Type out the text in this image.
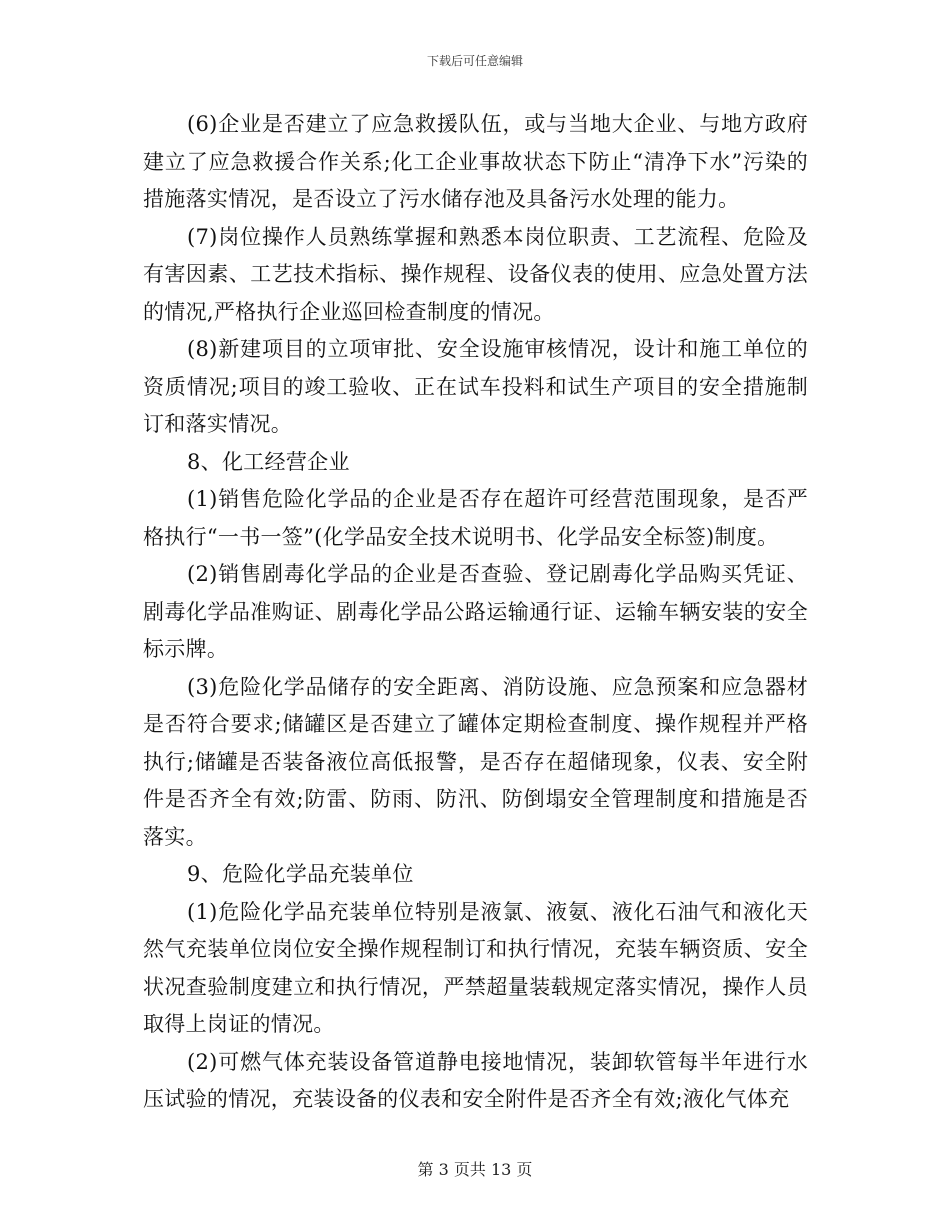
下载后可任意编辑

(6)企业是否建立了应急救援队伍，或与当地大企业、与地方政府建立了应急救援合作关系;化工企业事故状态下防止“清净下水”污染的措施落实情况，是否设立了污水储存池及具备污水处理的能力。

(7)岗位操作人员熟练掌握和熟悉本岗位职责、工艺流程、危险及有害因素、工艺技术指标、操作规程、设备仪表的使用、应急处置方法的情况,严格执行企业巡回检查制度的情况。

(8)新建项目的立项审批、安全设施审核情况，设计和施工单位的资质情况;项目的竣工验收、正在试车投料和试生产项目的安全措施制订和落实情况。

8、化工经营企业

(1)销售危险化学品的企业是否存在超许可经营范围现象，是否严格执行“一书一签”(化学品安全技术说明书、化学品安全标签)制度。

(2)销售剧毒化学品的企业是否查验、登记剧毒化学品购买凭证、剧毒化学品准购证、剧毒化学品公路运输通行证、运输车辆安装的安全标示牌。

(3)危险化学品储存的安全距离、消防设施、应急预案和应急器材是否符合要求;储罐区是否建立了罐体定期检查制度、操作规程并严格执行;储罐是否装备液位高低报警，是否存在超储现象，仪表、安全附件是否齐全有效;防雷、防雨、防汛、防倒塌安全管理制度和措施是否落实。

9、危险化学品充装单位

(1)危险化学品充装单位特别是液氯、液氨、液化石油气和液化天然气充装单位岗位安全操作规程制订和执行情况，充装车辆资质、安全状况查验制度建立和执行情况，严禁超量装载规定落实情况，操作人员取得上岗证的情况。

(2)可燃气体充装设备管道静电接地情况，装卸软管每半年进行水压试验的情况，充装设备的仪表和安全附件是否齐全有效;液化气体充

第 3 页共 13 页
